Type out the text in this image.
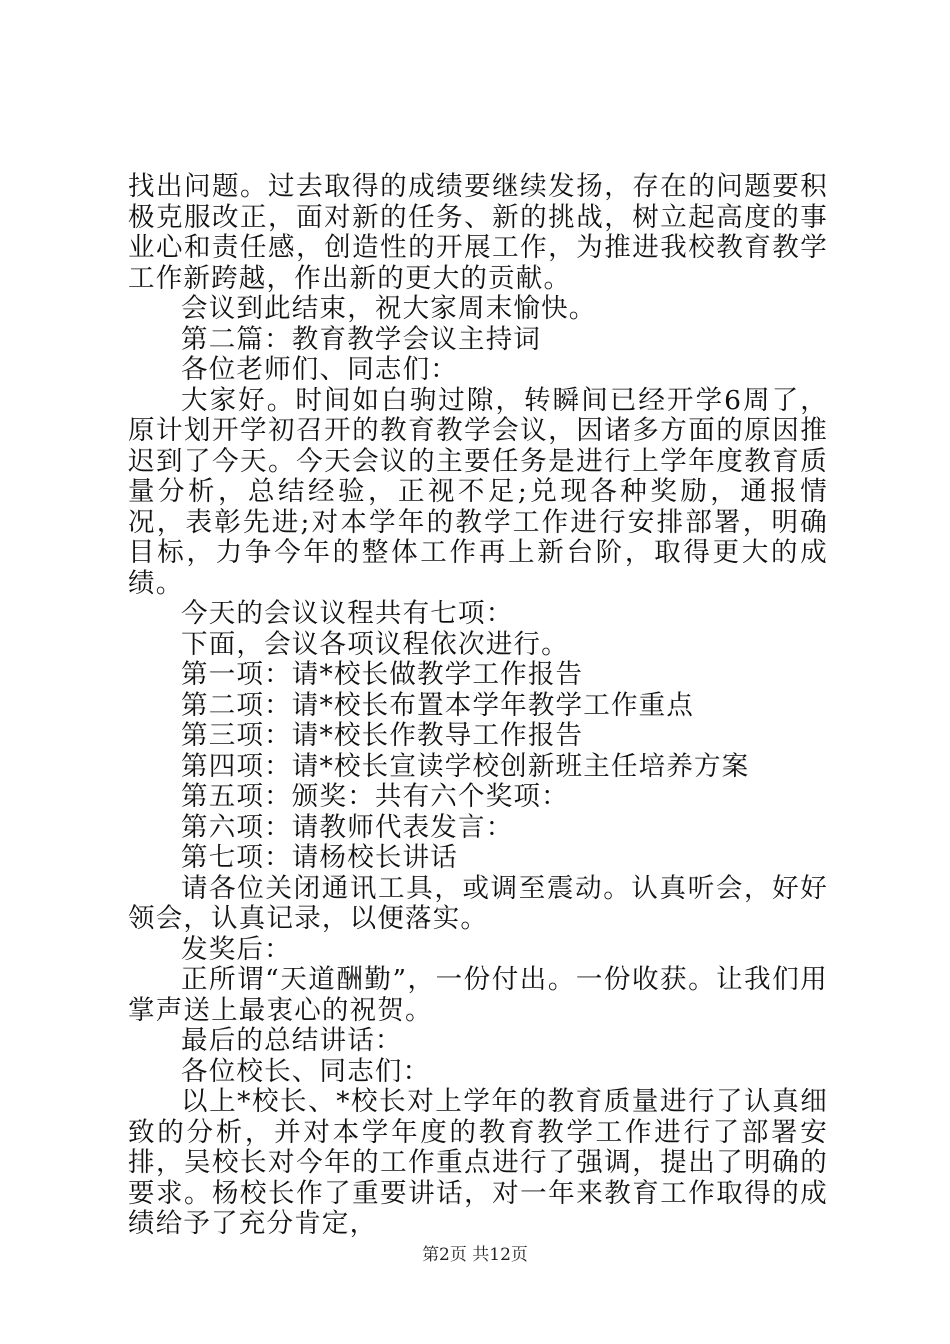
找出问题。过去取得的成绩要继续发扬，存在的问题要积极克服改正，面对新的任务、新的挑战，树立起高度的事业心和责任感，创造性的开展工作，为推进我校教育教学工作新跨越，作出新的更大的贡献。

会议到此结束，祝大家周末愉快。

第二篇：教育教学会议主持词

各位老师们、同志们：

大家好。时间如白驹过隙，转瞬间已经开学6周了，原计划开学初召开的教育教学会议，因诸多方面的原因推迟到了今天。今天会议的主要任务是进行上学年度教育质量分析，总结经验，正视不足;兑现各种奖励，通报情况，表彰先进;对本学年的教学工作进行安排部署，明确目标，力争今年的整体工作再上新台阶，取得更大的成绩。

今天的会议议程共有七项：

下面，会议各项议程依次进行。

第一项：请*校长做教学工作报告

第二项：请*校长布置本学年教学工作重点

第三项：请*校长作教导工作报告

第四项：请*校长宣读学校创新班主任培养方案

第五项：颁奖：共有六个奖项：

第六项：请教师代表发言：

第七项：请杨校长讲话

请各位关闭通讯工具，或调至震动。认真听会，好好领会，认真记录，以便落实。

发奖后：

正所谓“天道酬勤”，一份付出。一份收获。让我们用掌声送上最衷心的祝贺。

最后的总结讲话：

各位校长、同志们：

以上*校长、*校长对上学年的教育质量进行了认真细致的分析，并对本学年度的教育教学工作进行了部署安排，吴校长对今年的工作重点进行了强调，提出了明确的要求。杨校长作了重要讲话，对一年来教育工作取得的成绩给予了充分肯定，

第2页 共12页
